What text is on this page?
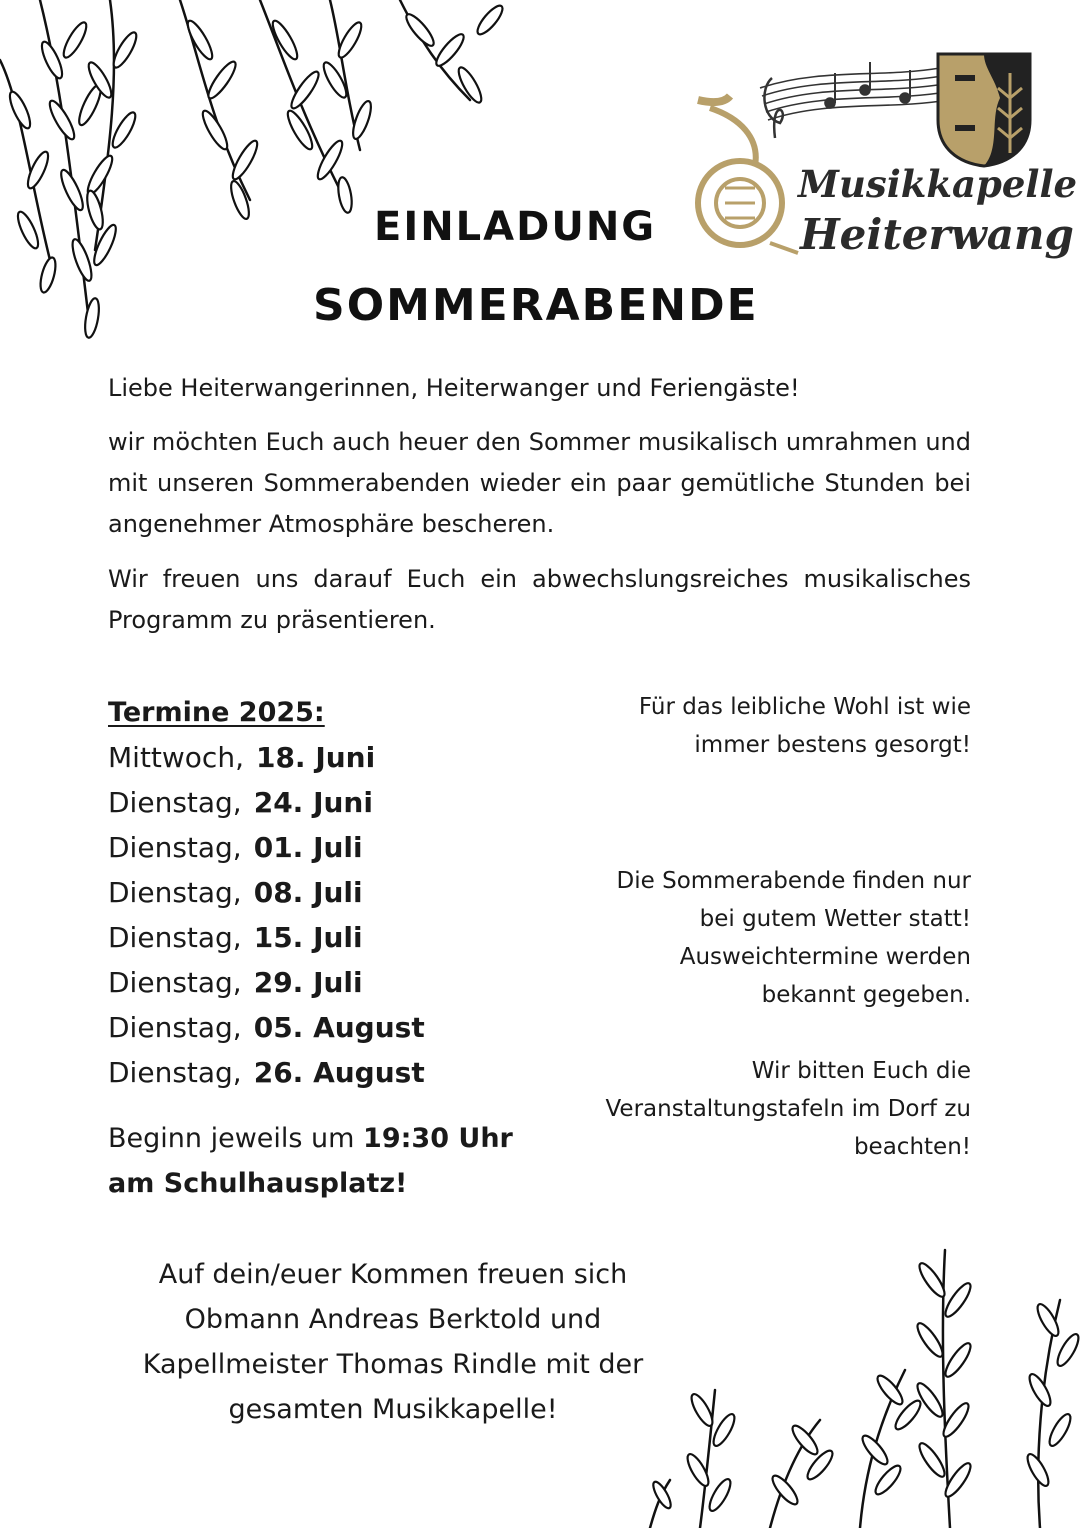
Musikkapelle
Heiterwang
EINLADUNG
SOMMERABENDE

Liebe Heiterwangerinnen, Heiterwanger und Feriengäste!

wir möchten Euch auch heuer den Sommer musikalisch umrahmen und mit unseren Sommerabenden wieder ein paar gemütliche Stunden bei angenehmer Atmosphäre bescheren.

Wir freuen uns darauf Euch ein abwechslungsreiches musikalisches Programm zu präsentieren.

Termine 2025:
Mittwoch, 18. Juni
Dienstag, 24. Juni
Dienstag, 01. Juli
Dienstag, 08. Juli
Dienstag, 15. Juli
Dienstag, 29. Juli
Dienstag, 05. August
Dienstag, 26. August
Beginn jeweils um 19:30 Uhr
am Schulhausplatz!
Für das leibliche Wohl ist wie
immer bestens gesorgt!
Die Sommerabende finden nur
bei gutem Wetter statt!
Ausweichtermine werden
bekannt gegeben.
Wir bitten Euch die
Veranstaltungstafeln im Dorf zu
beachten!
Auf dein/euer Kommen freuen sich
Obmann Andreas Berktold und
Kapellmeister Thomas Rindle mit der
gesamten Musikkapelle!
